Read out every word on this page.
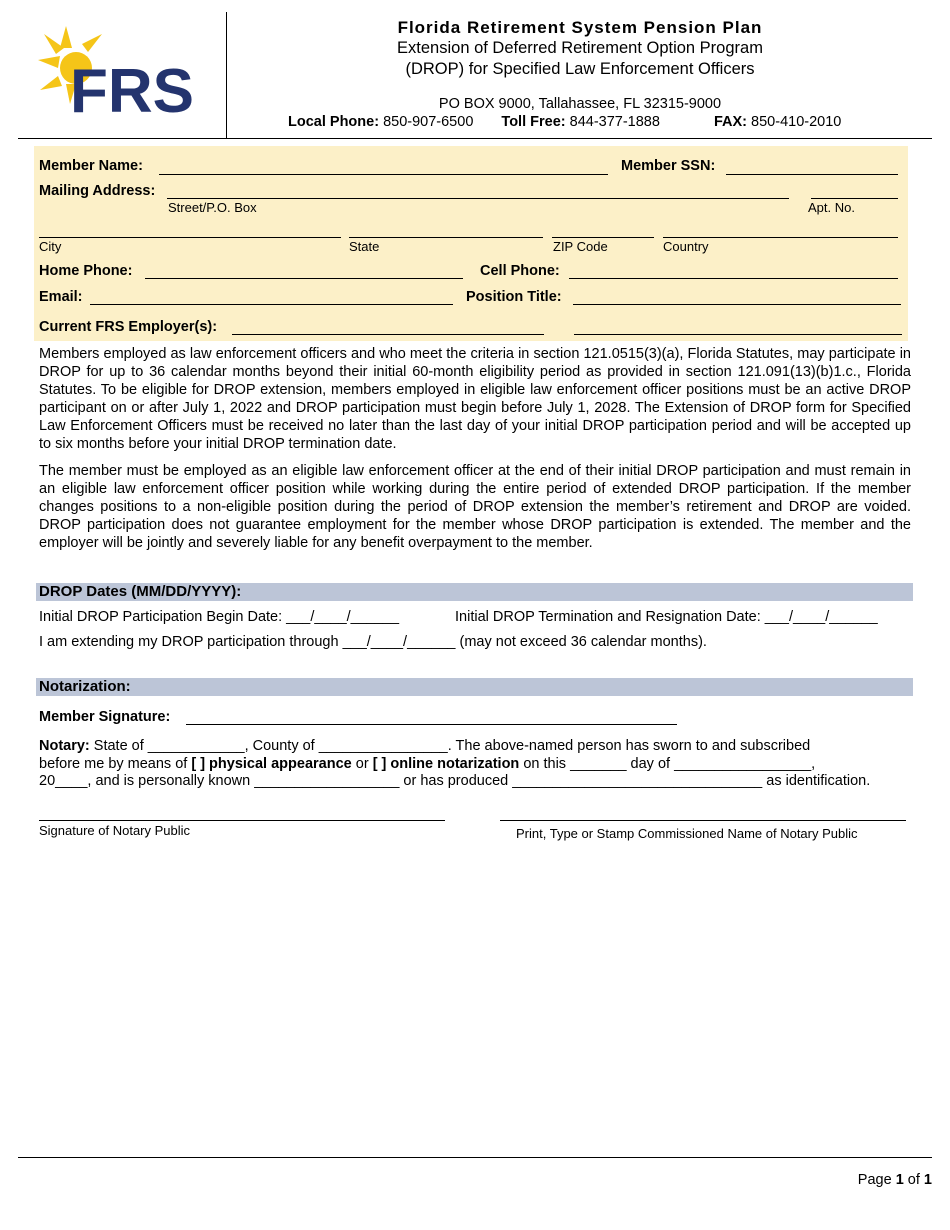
FRS
Florida Retirement System Pension Plan
Extension of Deferred Retirement Option Program
(DROP) for Specified Law Enforcement Officers
PO BOX 9000, Tallahassee, FL 32315-9000
Local Phone: 850-907-6500 Toll Free: 844-377-1888	FAX: 850-410-2010
Member Name:	Member SSN:
Mailing Address:
Street/P.O. Box	Apt. No.
City	State	ZIP Code	Country
Home Phone:	Cell Phone:
Email:	Position Title:
Current FRS Employer(s):
Members employed as law enforcement officers and who meet the criteria in section 121.0515(3)(a), Florida Statutes, may participate in DROP for up to 36 calendar months beyond their initial 60-month eligibility period as provided in section 121.091(13)(b)1.c., Florida Statutes. To be eligible for DROP extension, members employed in eligible law enforcement officer positions must be an active DROP participant on or after July 1, 2022 and DROP participation must begin before July 1, 2028. The Extension of DROP form for Specified Law Enforcement Officers must be received no later than the last day of your initial DROP participation period and will be accepted up to six months before your initial DROP termination date.
The member must be employed as an eligible law enforcement officer at the end of their initial DROP participation and must remain in an eligible law enforcement officer position while working during the entire period of extended DROP participation. If the member changes positions to a non-eligible position during the period of DROP extension the member’s retirement and DROP are voided. DROP participation does not guarantee employment for the member whose DROP participation is extended. The member and the employer will be jointly and severely liable for any benefit overpayment to the member.
DROP Dates (MM/DD/YYYY):
Initial DROP Participation Begin Date: ___/____/______	Initial DROP Termination and Resignation Date: ___/____/______
I am extending my DROP participation through ___/____/______ (may not exceed 36 calendar months).
Notarization:
Member Signature:
Notary: State of ____________, County of ________________. The above-named person has sworn to and subscribed
before me by means of [ ] physical appearance or [ ] online notarization on this _______ day of _________________,
20____, and is personally known __________________ or has produced _______________________________ as identification.
Signature of Notary Public	Print, Type or Stamp Commissioned Name of Notary Public
Page 1 of 1
